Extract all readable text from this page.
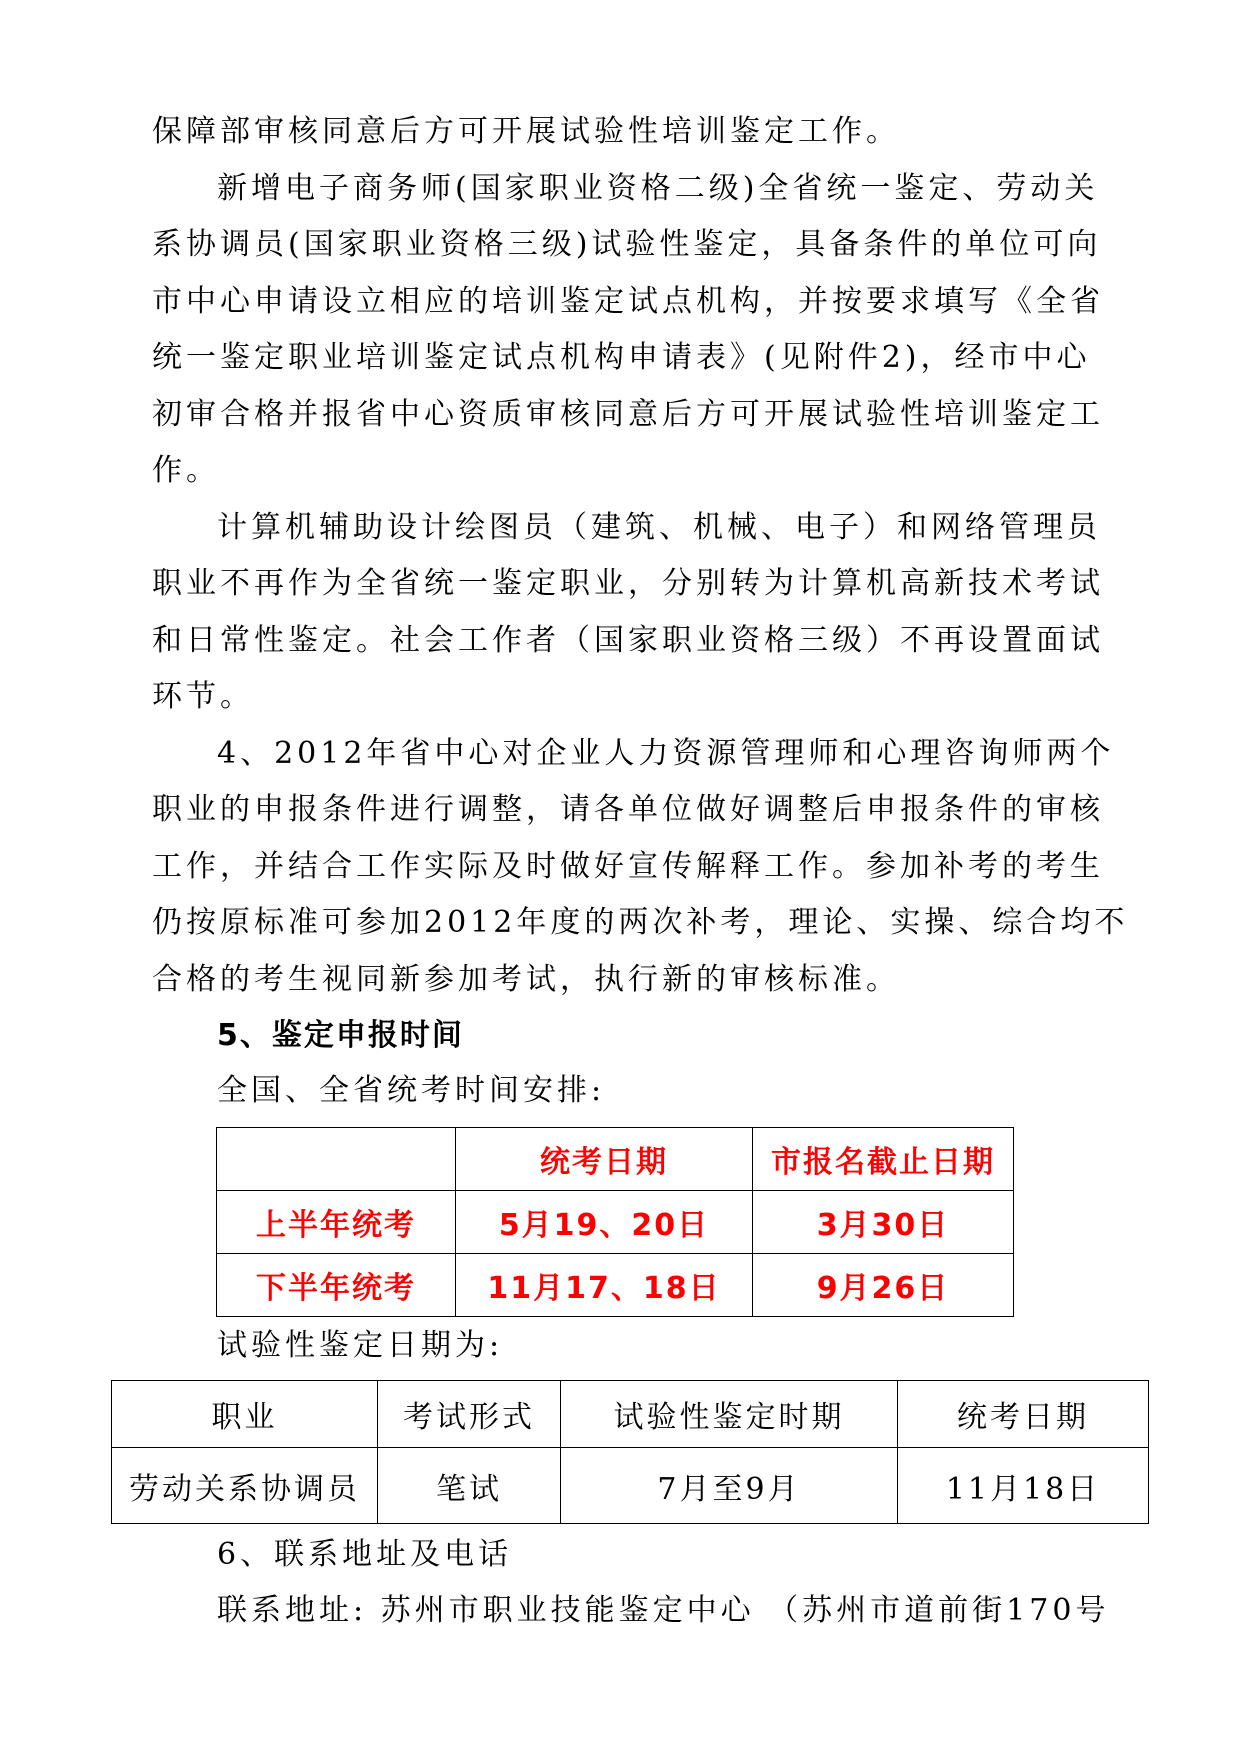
保障部审核同意后方可开展试验性培训鉴定工作。
新增电子商务师(国家职业资格二级)全省统一鉴定、劳动关
系协调员(国家职业资格三级)试验性鉴定，具备条件的单位可向
市中心申请设立相应的培训鉴定试点机构，并按要求填写《全省
统一鉴定职业培训鉴定试点机构申请表》(见附件2)，经市中心
初审合格并报省中心资质审核同意后方可开展试验性培训鉴定工
作。
计算机辅助设计绘图员（建筑、机械、电子）和网络管理员
职业不再作为全省统一鉴定职业，分别转为计算机高新技术考试
和日常性鉴定。社会工作者（国家职业资格三级）不再设置面试
环节。
4、2012年省中心对企业人力资源管理师和心理咨询师两个
职业的申报条件进行调整，请各单位做好调整后申报条件的审核
工作，并结合工作实际及时做好宣传解释工作。参加补考的考生
仍按原标准可参加2012年度的两次补考，理论、实操、综合均不
合格的考生视同新参加考试，执行新的审核标准。
5、鉴定申报时间
全国、全省统考时间安排:
	统考日期	市报名截止日期
上半年统考	5月19、20日	3月30日
下半年统考	11月17、18日	9月26日
试验性鉴定日期为:
职业	考试形式	试验性鉴定时期	统考日期
劳动关系协调员	笔试	7月至9月	11月18日
6、联系地址及电话
联系地址: 苏州市职业技能鉴定中心 （苏州市道前街170号
